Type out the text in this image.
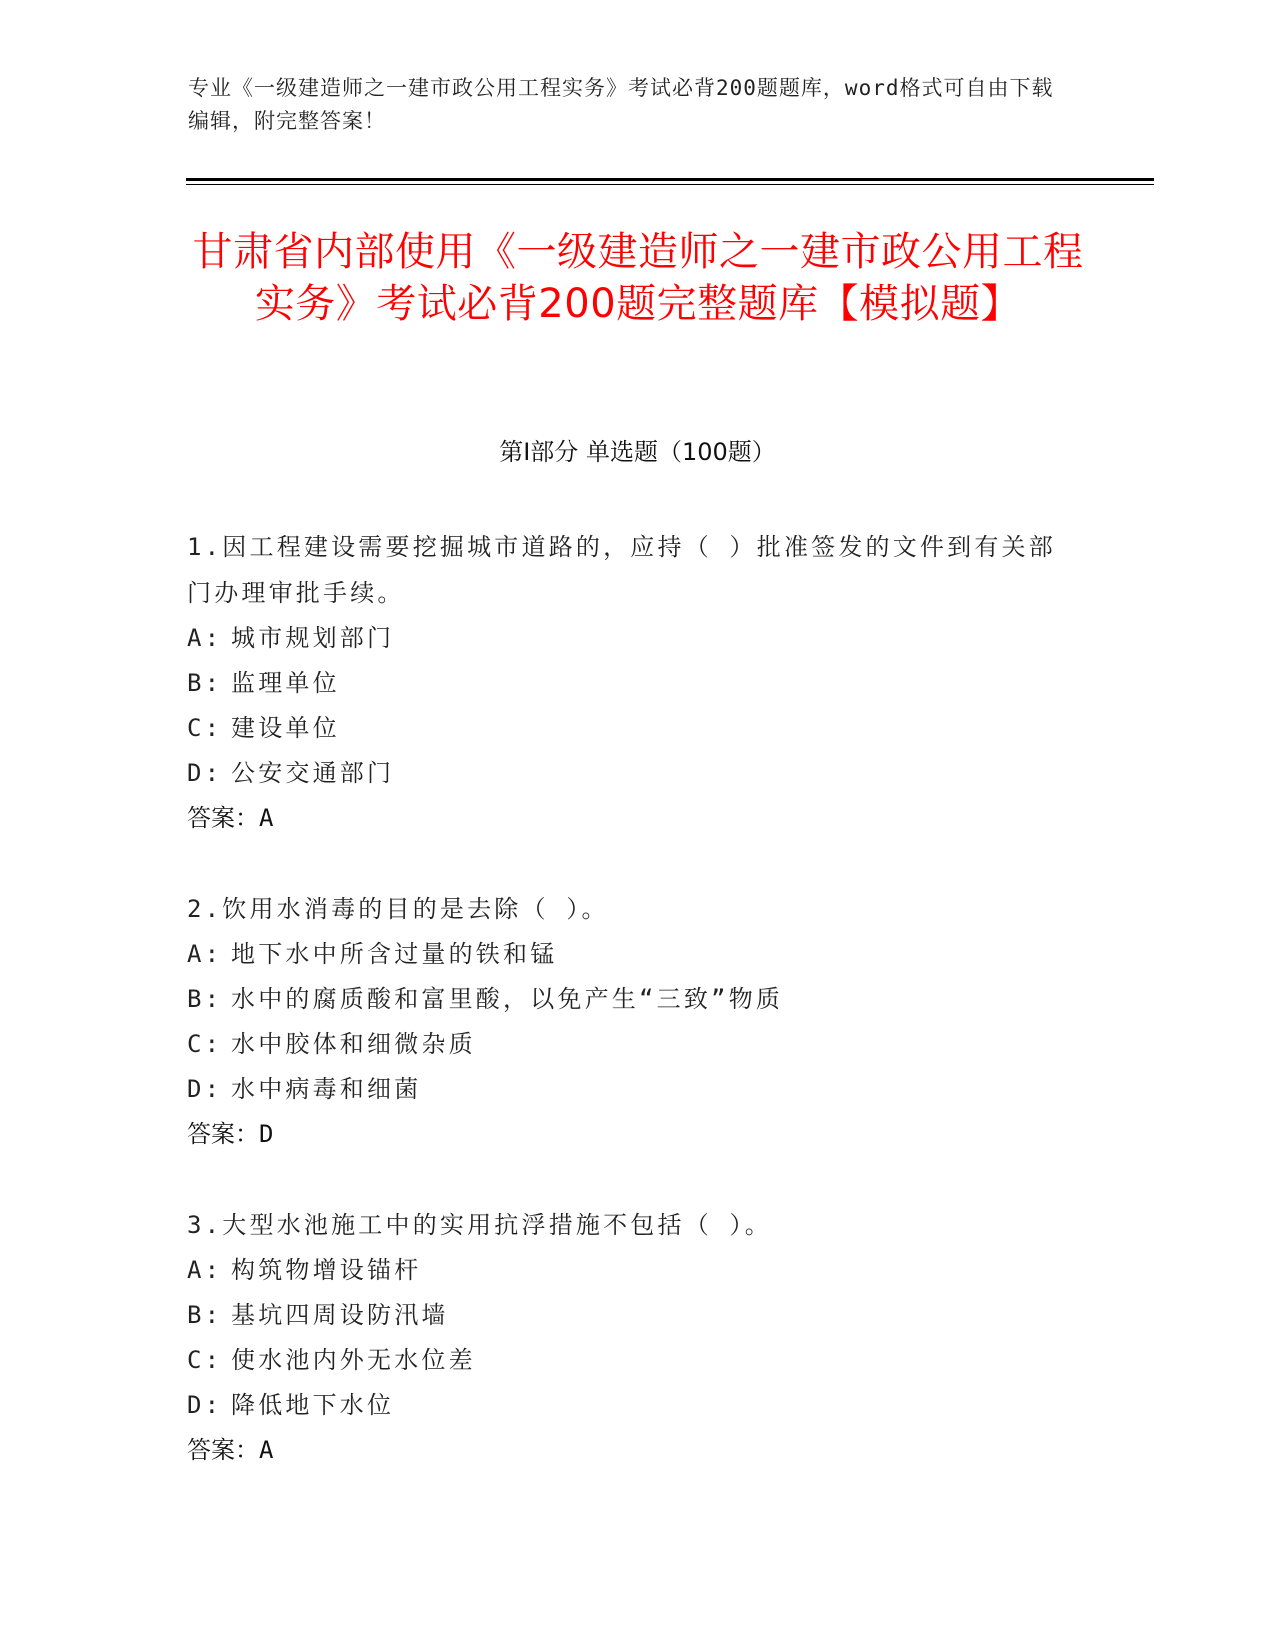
专业《一级建造师之一建市政公用工程实务》考试必背200题题库，word格式可自由下载编辑，附完整答案！
甘肃省内部使用《一级建造师之一建市政公用工程实务》考试必背200题完整题库【模拟题】
第I部分 单选题（100题）

1.因工程建设需要挖掘城市道路的，应持（ ）批准签发的文件到有关部门办理审批手续。

A: 城市规划部门

B: 监理单位

C: 建设单位

D: 公安交通部门

答案：A

2.饮用水消毒的目的是去除（ ）。

A: 地下水中所含过量的铁和锰

B: 水中的腐质酸和富里酸，以免产生“三致”物质

C: 水中胶体和细微杂质

D: 水中病毒和细菌

答案：D

3.大型水池施工中的实用抗浮措施不包括（ ）。

A: 构筑物增设锚杆

B: 基坑四周设防汛墙

C: 使水池内外无水位差

D: 降低地下水位

答案：A
